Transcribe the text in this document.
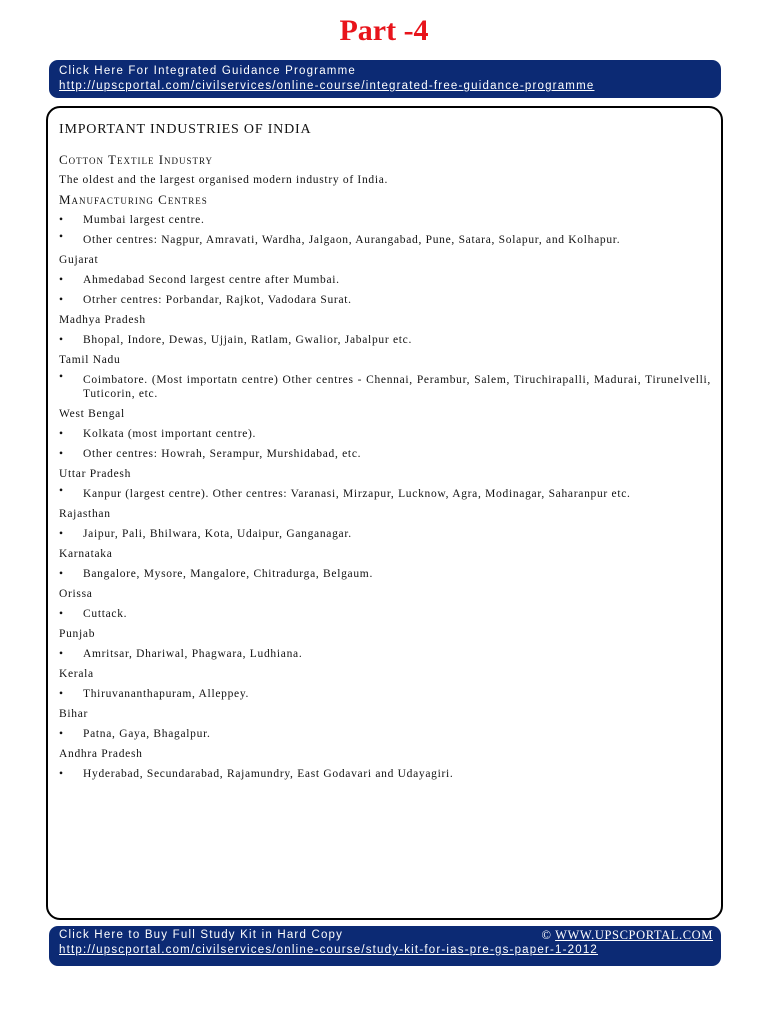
Part -4
Click Here For Integrated Guidance Programme
http://upscportal.com/civilservices/online-course/integrated-free-guidance-programme

IMPORTANT INDUSTRIES OF INDIA

Cotton Textile Industry

The oldest and the largest organised modern industry of India.

Manufacturing Centres

• Mumbai largest centre.

• Other centres: Nagpur, Amravati, Wardha, Jalgaon, Aurangabad, Pune, Satara, Solapur, and Kolhapur.

Gujarat

• Ahmedabad Second largest centre after Mumbai.

• Otrher centres: Porbandar, Rajkot, Vadodara Surat.

Madhya Pradesh

• Bhopal, Indore, Dewas, Ujjain, Ratlam, Gwalior, Jabalpur etc.

Tamil Nadu

• Coimbatore. (Most importatn centre) Other centres - Chennai, Perambur, Salem, Tiruchirapalli, Madurai, Tirunelvelli, Tuticorin, etc.

West Bengal

• Kolkata (most important centre).

• Other centres: Howrah, Serampur, Murshidabad, etc.

Uttar Pradesh

• Kanpur (largest centre). Other centres: Varanasi, Mirzapur, Lucknow, Agra, Modinagar, Saharanpur etc.

Rajasthan

• Jaipur, Pali, Bhilwara, Kota, Udaipur, Ganganagar.

Karnataka

• Bangalore, Mysore, Mangalore, Chitradurga, Belgaum.

Orissa

• Cuttack.

Punjab

• Amritsar, Dhariwal, Phagwara, Ludhiana.

Kerala

• Thiruvananthapuram, Alleppey.

Bihar

• Patna, Gaya, Bhagalpur.

Andhra Pradesh

• Hyderabad, Secundarabad, Rajamundry, East Godavari and Udayagiri.

Click Here to Buy Full Study Kit in Hard Copy	© WWW.UPSCPORTAL.COM
http://upscportal.com/civilservices/online-course/study-kit-for-ias-pre-gs-paper-1-2012
